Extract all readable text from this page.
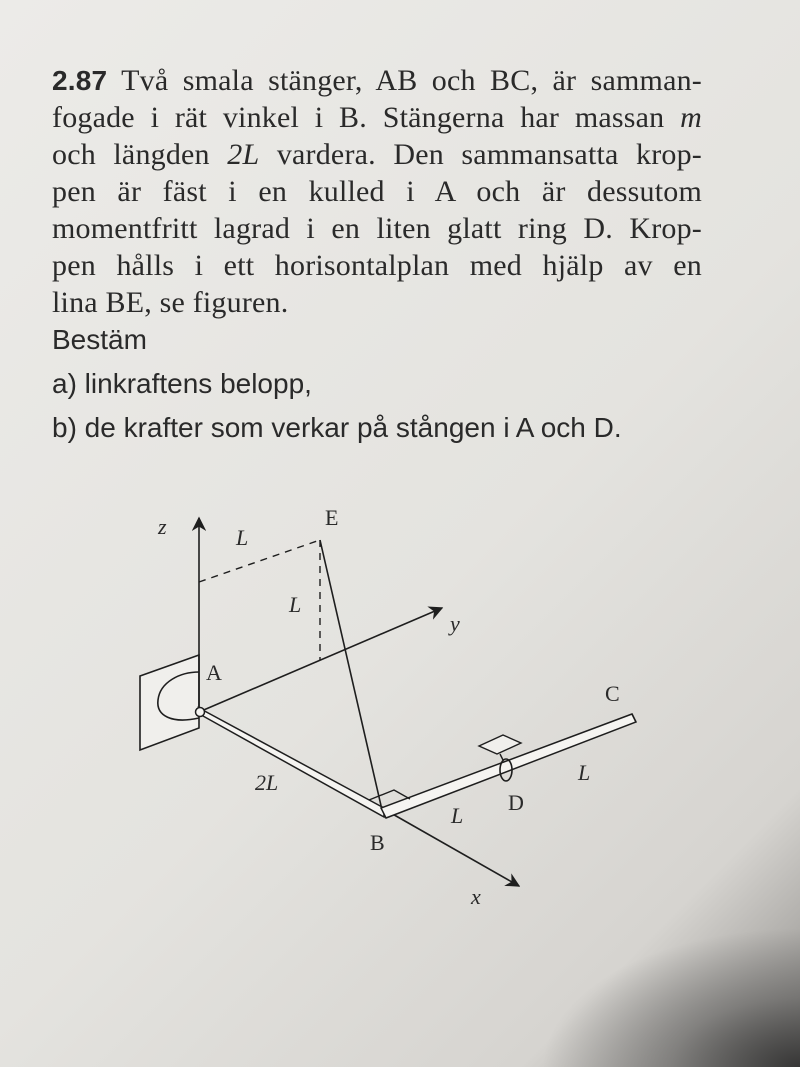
2.87 Två smala stänger, AB och BC, är samman-
fogade i rät vinkel i B. Stängerna har massan m
och längden 2L vardera. Den sammansatta krop-
pen är fäst i en kulled i A och är dessutom
momentfritt lagrad i en liten glatt ring D. Krop-
pen hålls i ett horisontalplan med hjälp av en
lina BE, se figuren.
Bestäm
a) linkraftens belopp,
b) de krafter som verkar på stången i A och D.
z	L
E
L
y
A
C
2L	L
D
L
B
x
